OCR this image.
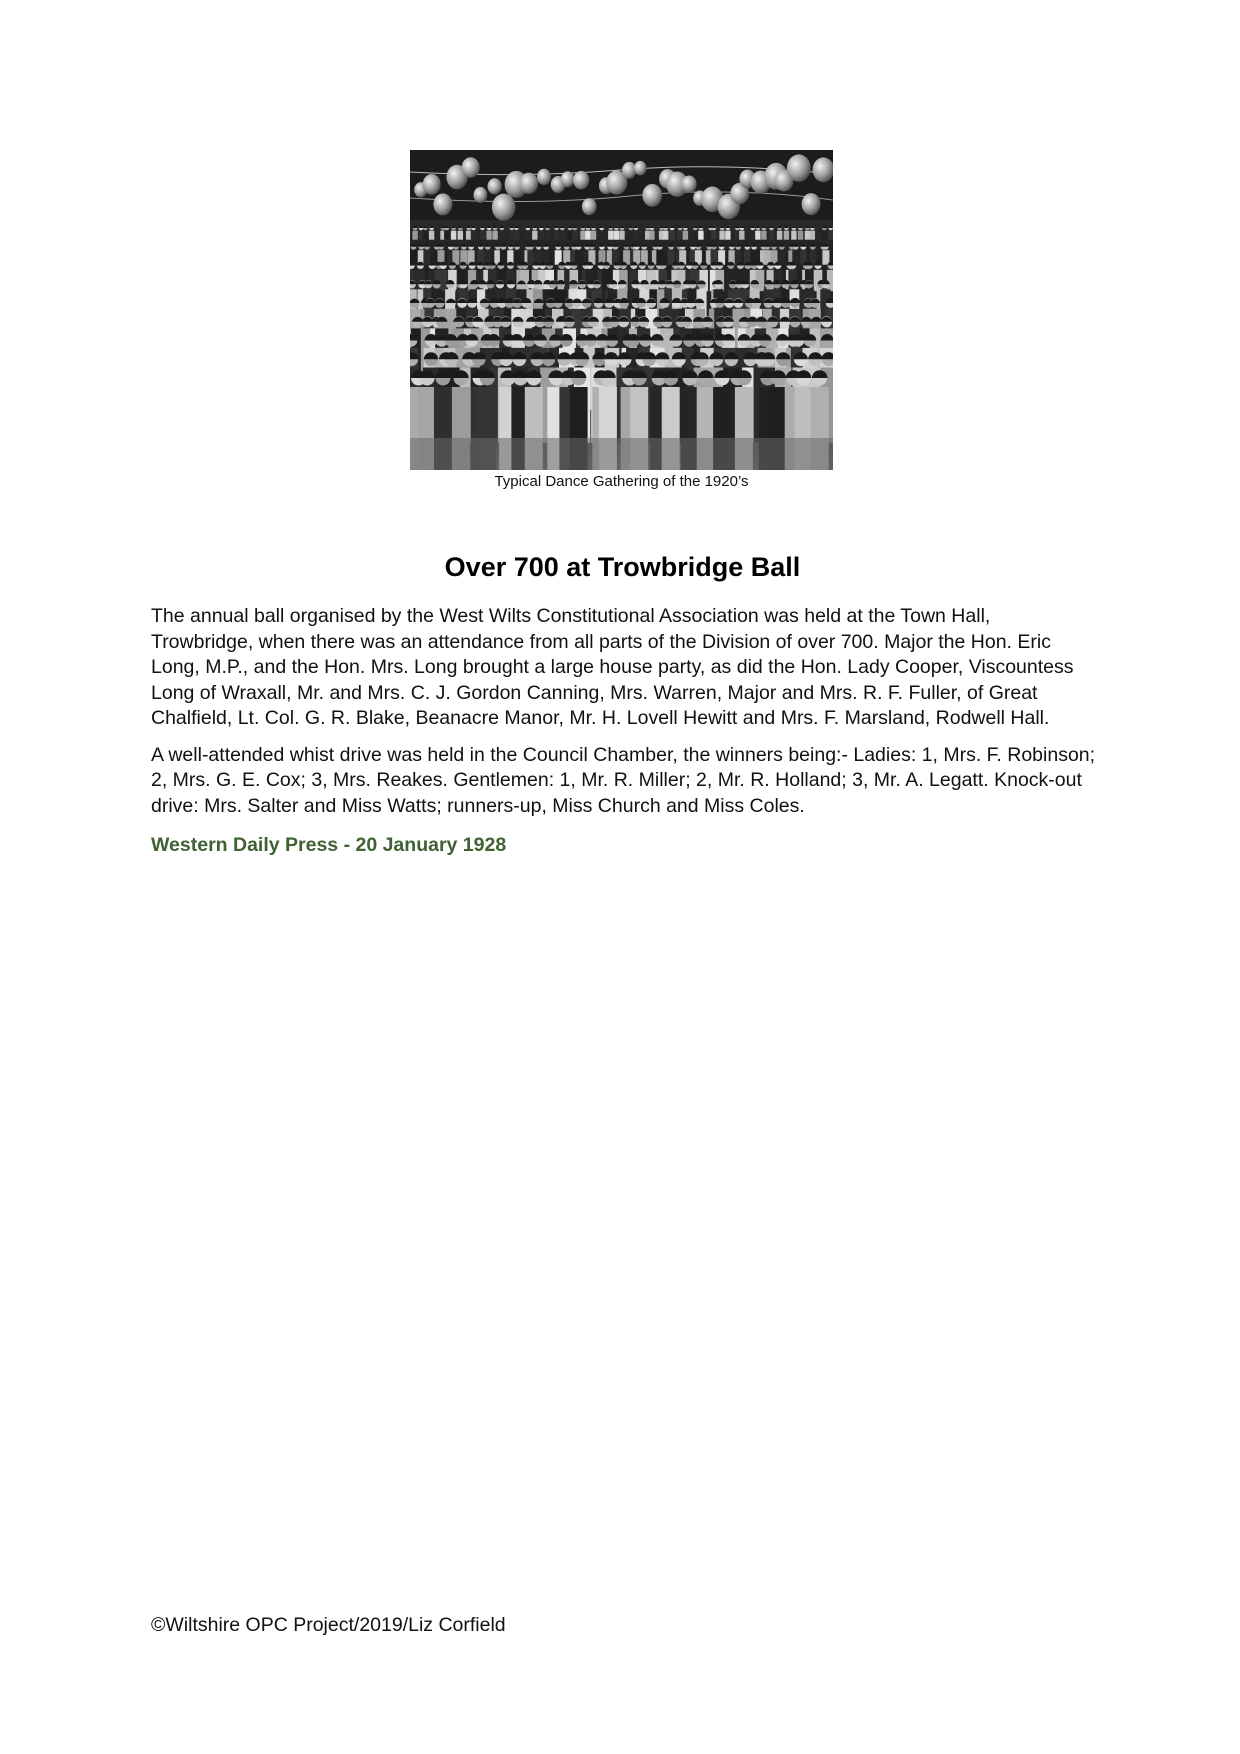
Typical Dance Gathering of the 1920’s
Over 700 at Trowbridge Ball

The annual ball organised by the West Wilts Constitutional Association was held at the Town Hall, Trowbridge, when there was an attendance from all parts of the Division of over 700. Major the Hon. Eric Long, M.P., and the Hon. Mrs. Long brought a large house party, as did the Hon. Lady Cooper, Viscountess Long of Wraxall, Mr. and Mrs. C. J. Gordon Canning, Mrs. Warren, Major and Mrs. R. F. Fuller, of Great Chalfield, Lt. Col. G. R. Blake, Beanacre Manor, Mr. H. Lovell Hewitt and Mrs. F. Marsland, Rodwell Hall.

A well-attended whist drive was held in the Council Chamber, the winners being:- Ladies: 1, Mrs. F. Robinson; 2, Mrs. G. E. Cox; 3, Mrs. Reakes. Gentlemen: 1, Mr. R. Miller; 2, Mr. R. Holland; 3, Mr. A. Legatt. Knock-out drive: Mrs. Salter and Miss Watts; runners-up, Miss Church and Miss Coles.

Western Daily Press - 20 January 1928
©Wiltshire OPC Project/2019/Liz Corfield
